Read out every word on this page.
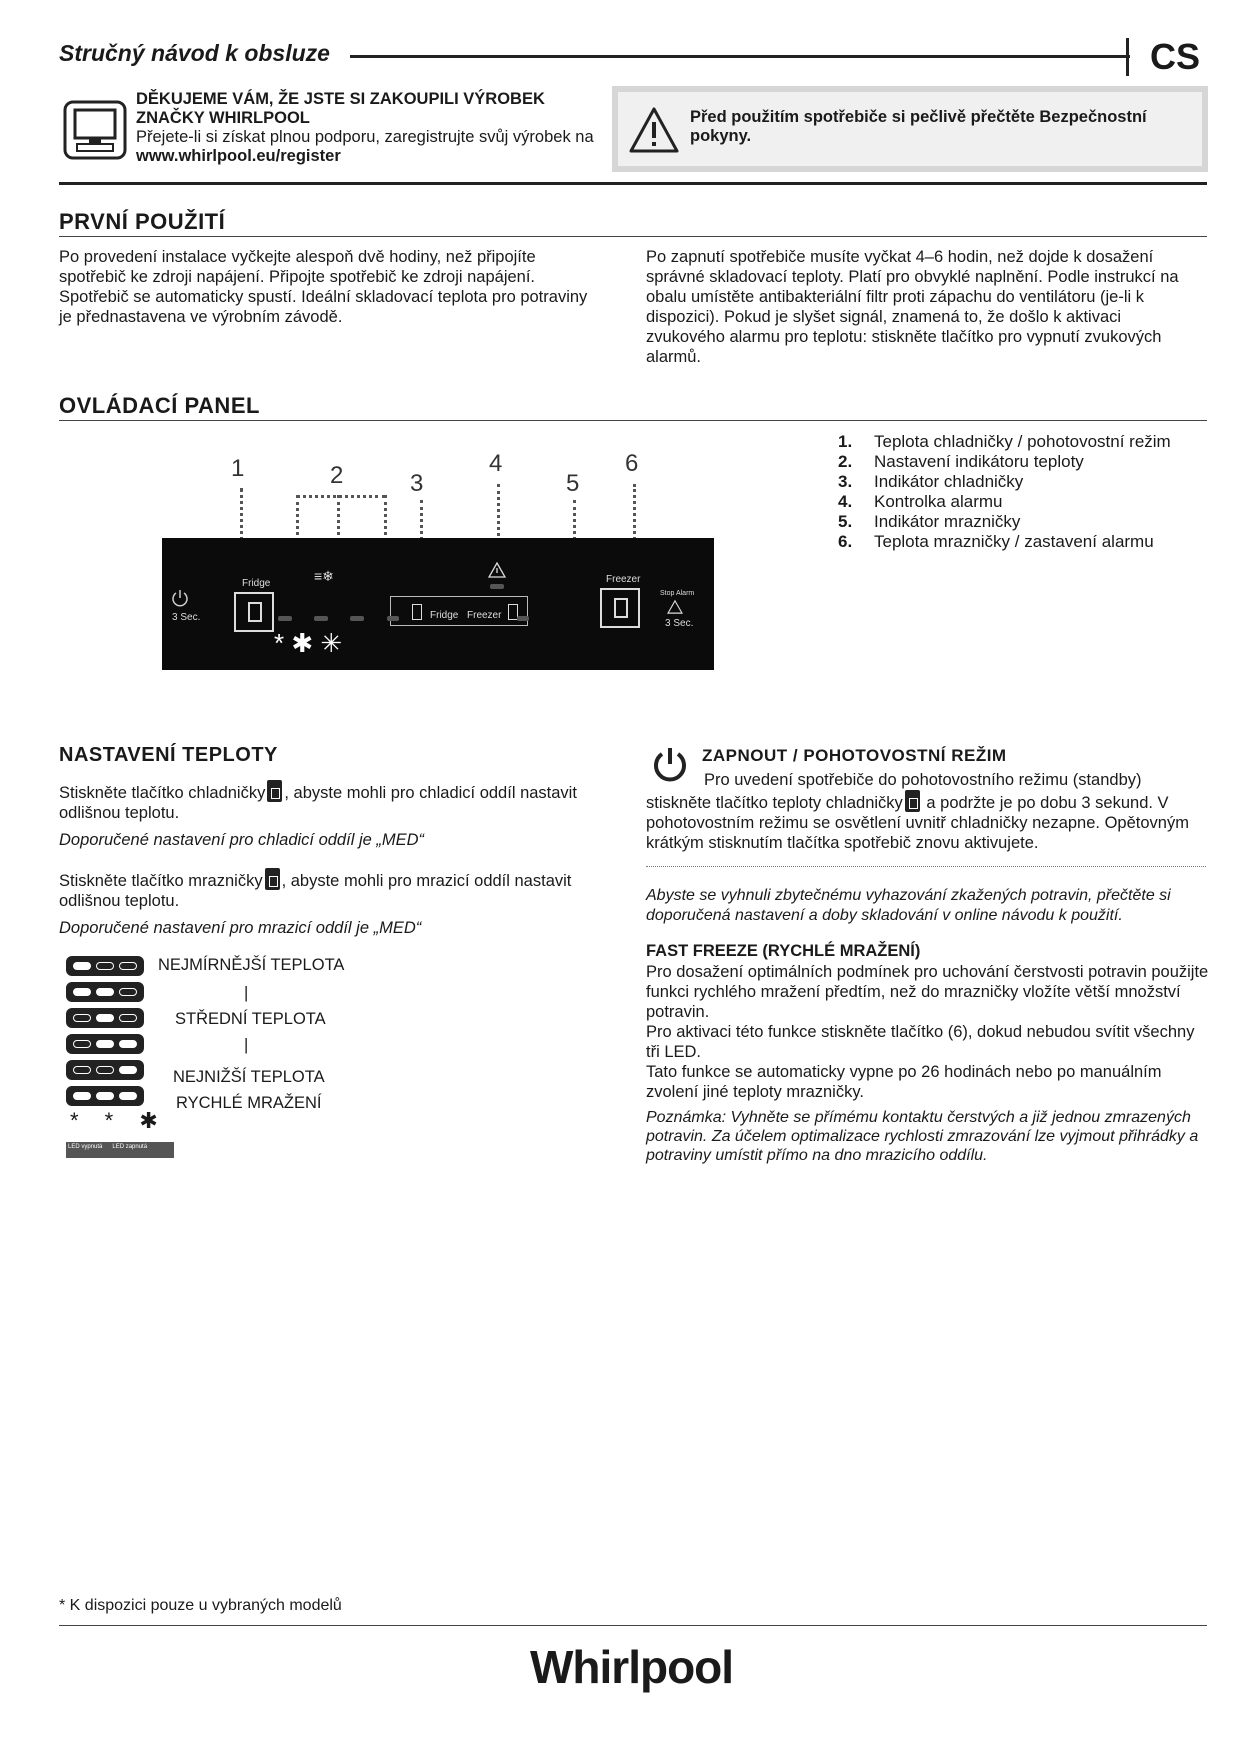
Stručný návod k obsluze	CS
DĚKUJEME VÁM, ŽE JSTE SI ZAKOUPILI VÝROBEK ZNAČKY WHIRLPOOL
Přejete-li si získat plnou podporu, zaregistrujte svůj výrobek na www.whirlpool.eu/register
Před použitím spotřebiče si pečlivě přečtěte Bezpečnostní pokyny.
PRVNÍ POUŽITÍ
Po provedení instalace vyčkejte alespoň dvě hodiny, než připojíte spotřebič ke zdroji napájení. Připojte spotřebič ke zdroji napájení. Spotřebič se automaticky spustí. Ideální skladovací teplota pro potraviny je přednastavena ve výrobním závodě.
Po zapnutí spotřebiče musíte vyčkat 4–6 hodin, než dojde k dosažení správné skladovací teploty. Platí pro obvyklé naplnění. Podle instrukcí na obalu umístěte antibakteriální filtr proti zápachu do ventilátoru (je-li k dispozici). Pokud je slyšet signál, znamená to, že došlo k aktivaci zvukového alarmu pro teplotu: stiskněte tlačítko pro vypnutí zvukových alarmů.
OVLÁDACÍ PANEL
1	2	3
4
5
6
3 Sec.
Fridge	≡❄
* ✱ ✳
Fridge Freezer
Freezer
Stop Alarm
3 Sec.
1.	Teplota chladničky / pohotovostní režim
2.	Nastavení indikátoru teploty
3.	Indikátor chladničky
4.	Kontrolka alarmu
5.	Indikátor mrazničky
6.	Teplota mrazničky / zastavení alarmu
NASTAVENÍ TEPLOTY
Stiskněte tlačítko chladničky , abyste mohli pro chladicí oddíl nastavit odlišnou teplotu.
Doporučené nastavení pro chladicí oddíl je „MED“
Stiskněte tlačítko mrazničky , abyste mohli pro mrazicí oddíl nastavit odlišnou teplotu.
Doporučené nastavení pro mrazicí oddíl je „MED“
* * ✱
LED vypnutá LED zapnutá
NEJMÍRNĚJŠÍ TEPLOTA
|
STŘEDNÍ TEPLOTA
|
NEJNIŽŠÍ TEPLOTA
RYCHLÉ MRAŽENÍ
ZAPNOUT / POHOTOVOSTNÍ REŽIM
Pro uvedení spotřebiče do pohotovostního režimu (standby) stiskněte tlačítko teploty chladničky a podržte je po dobu 3 sekund. V pohotovostním režimu se osvětlení uvnitř chladničky nezapne. Opětovným krátkým stisknutím tlačítka spotřebič znovu aktivujete.
Abyste se vyhnuli zbytečnému vyhazování zkažených potravin, přečtěte si doporučená nastavení a doby skladování v online návodu k použití.
FAST FREEZE (RYCHLÉ MRAŽENÍ)
Pro dosažení optimálních podmínek pro uchování čerstvosti potravin použijte funkci rychlého mražení předtím, než do mrazničky vložíte větší množství potravin.
Pro aktivaci této funkce stiskněte tlačítko (6), dokud nebudou svítit všechny tři LED.
Tato funkce se automaticky vypne po 26 hodinách nebo po manuálním zvolení jiné teploty mrazničky.
Poznámka: Vyhněte se přímému kontaktu čerstvých a již jednou zmrazených potravin. Za účelem optimalizace rychlosti zmrazování lze vyjmout přihrádky a potraviny umístit přímo na dno mrazicího oddílu.
* K dispozici pouze u vybraných modelů
Whirlpool
